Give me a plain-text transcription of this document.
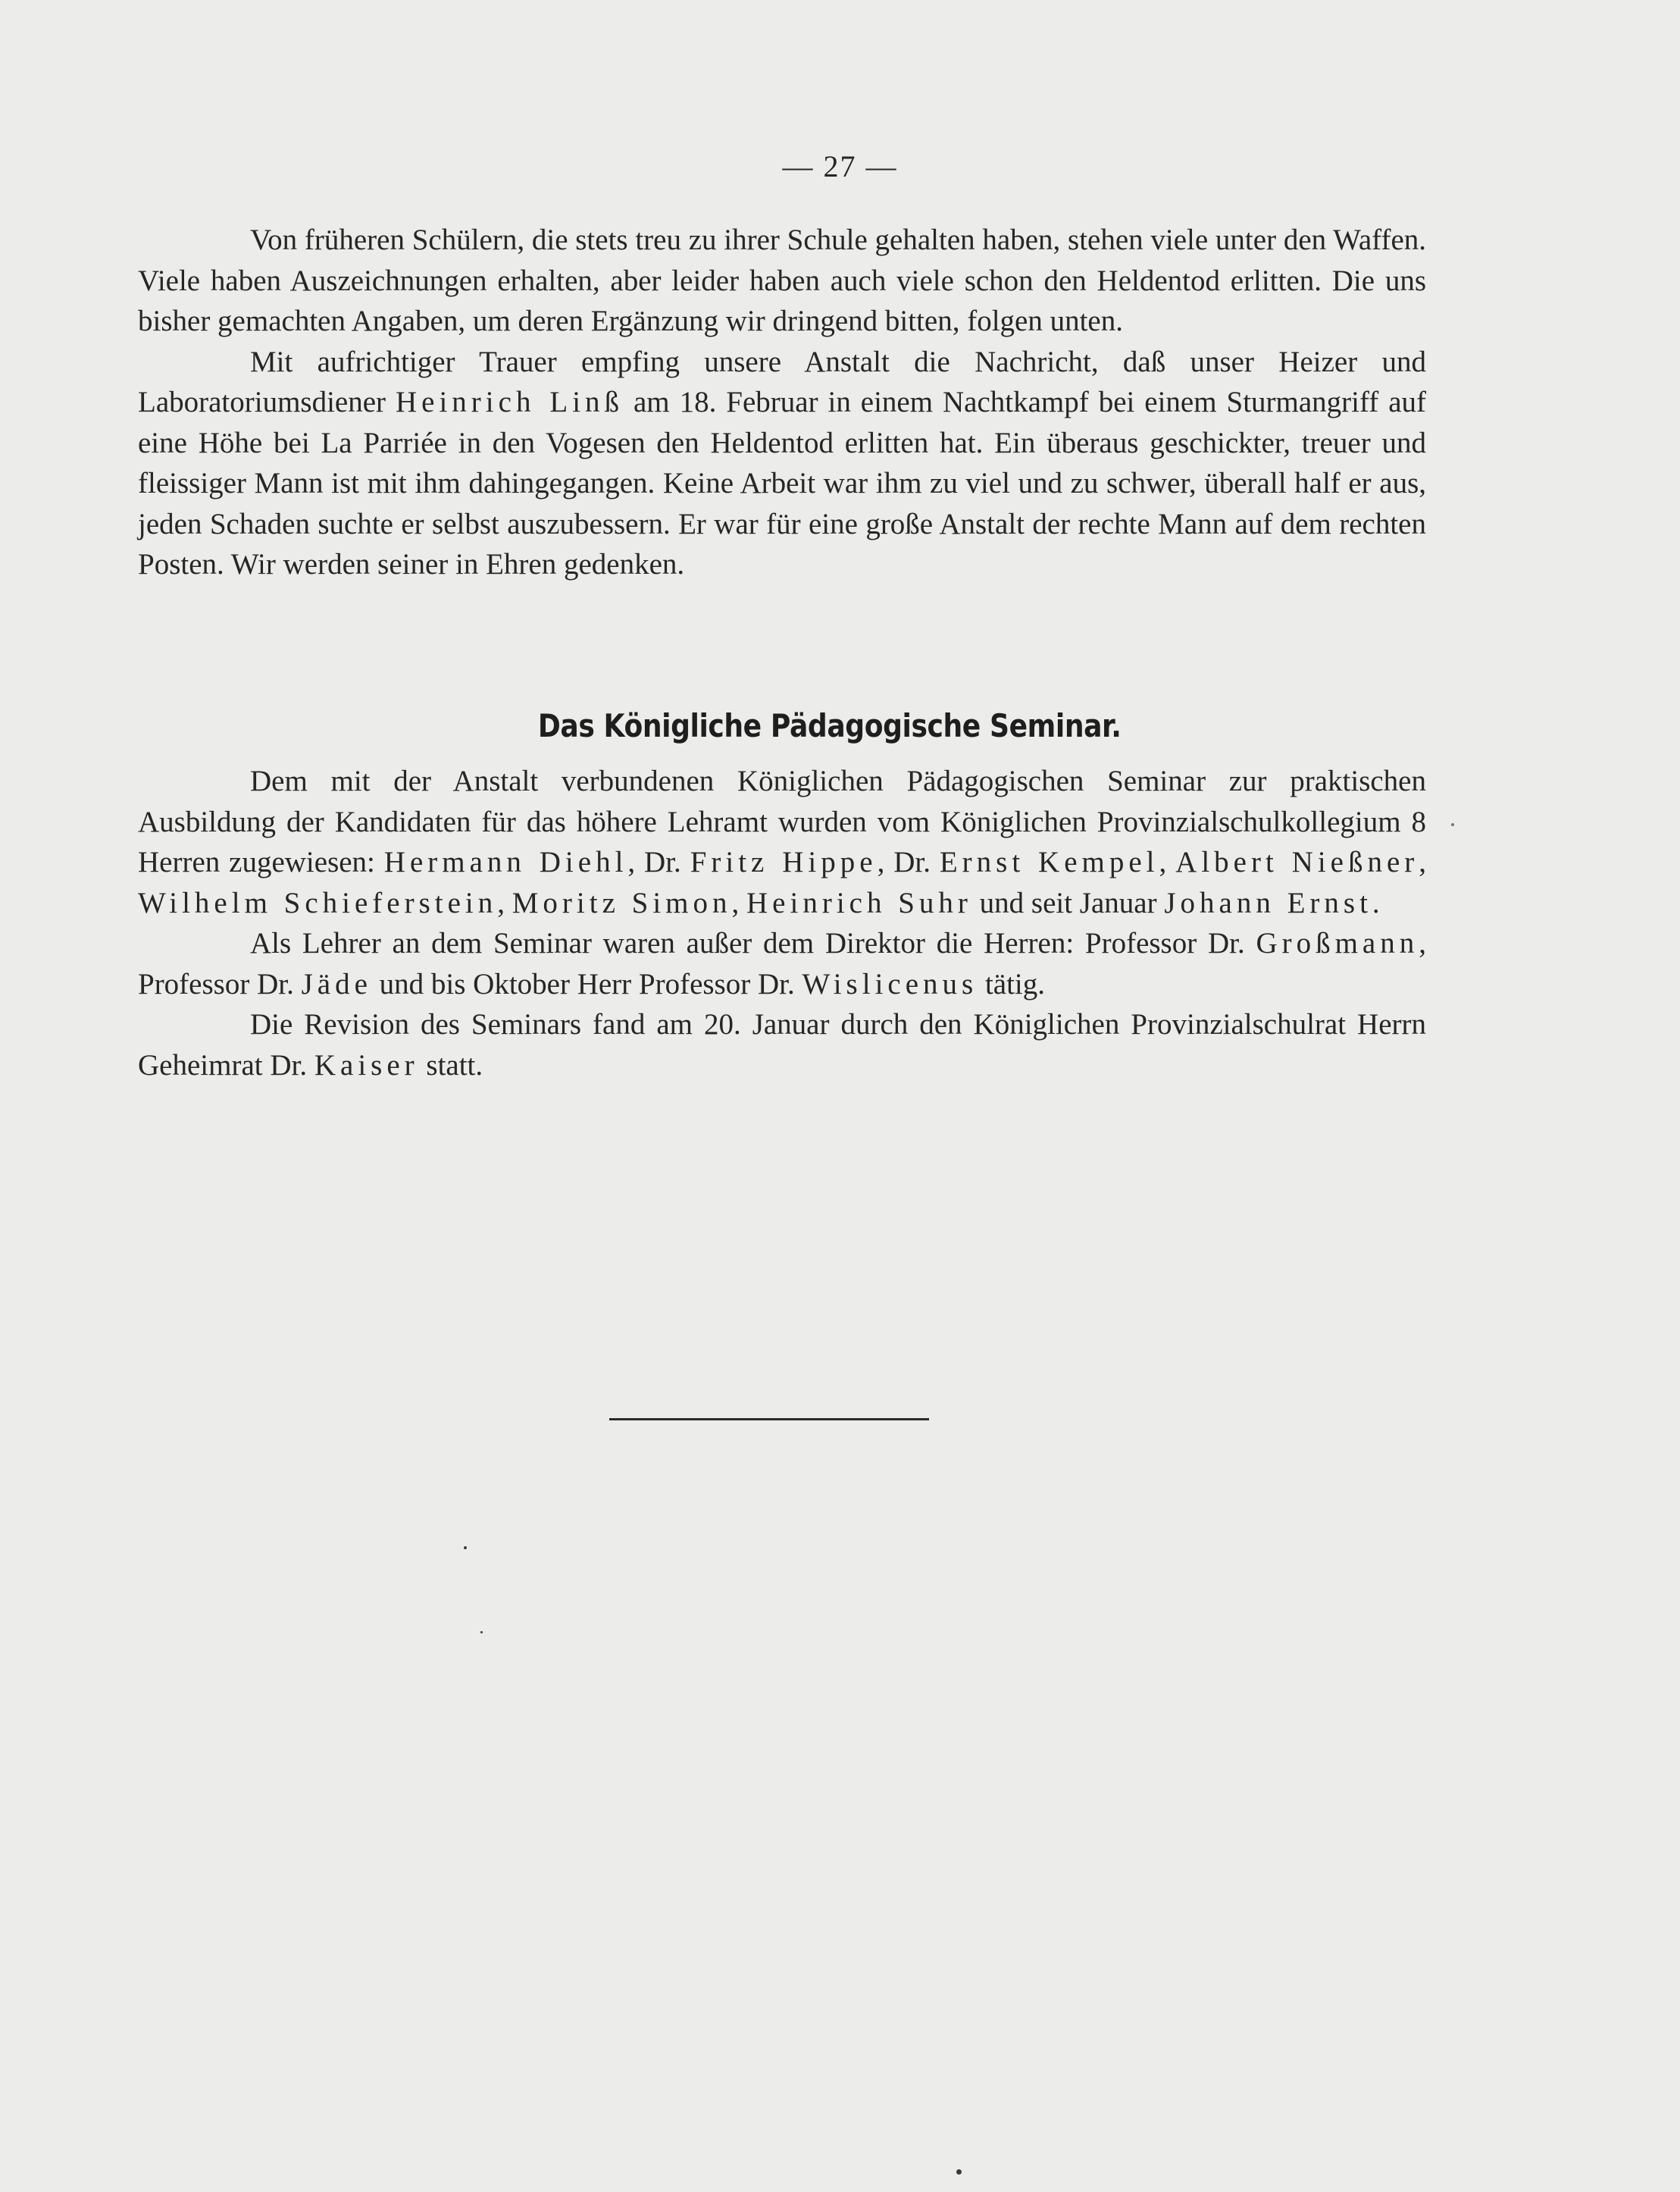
— 27 —

Von früheren Schülern, die stets treu zu ihrer Schule gehalten haben, stehen viele unter den Waffen. Viele haben Auszeichnungen erhalten, aber leider haben auch viele schon den Heldentod erlitten. Die uns bisher gemachten Angaben, um deren Ergänzung wir dringend bitten, folgen unten.

Mit aufrichtiger Trauer empfing unsere Anstalt die Nachricht, daß unser Heizer und Laboratoriumsdiener Heinrich Linß am 18. Februar in einem Nachtkampf bei einem Sturmangriff auf eine Höhe bei La Parriée in den Vogesen den Heldentod erlitten hat. Ein überaus geschickter, treuer und fleissiger Mann ist mit ihm dahingegangen. Keine Arbeit war ihm zu viel und zu schwer, überall half er aus, jeden Schaden suchte er selbst auszubessern. Er war für eine große Anstalt der rechte Mann auf dem rechten Posten. Wir werden seiner in Ehren gedenken.

Das Königliche Pädagogische Seminar.

Dem mit der Anstalt verbundenen Königlichen Pädagogischen Seminar zur praktischen Ausbildung der Kandidaten für das höhere Lehramt wurden vom Königlichen Provinzialschulkollegium 8 Herren zugewiesen: Hermann Diehl, Dr. Fritz Hippe, Dr. Ernst Kempel, Albert Nießner, Wilhelm Schieferstein, Moritz Simon, Heinrich Suhr und seit Januar Johann Ernst.

Als Lehrer an dem Seminar waren außer dem Direktor die Herren: Professor Dr. Großmann, Professor Dr. Jäde und bis Oktober Herr Professor Dr. Wislicenus tätig.

Die Revision des Seminars fand am 20. Januar durch den Königlichen Provinzialschulrat Herrn Geheimrat Dr. Kaiser statt.
